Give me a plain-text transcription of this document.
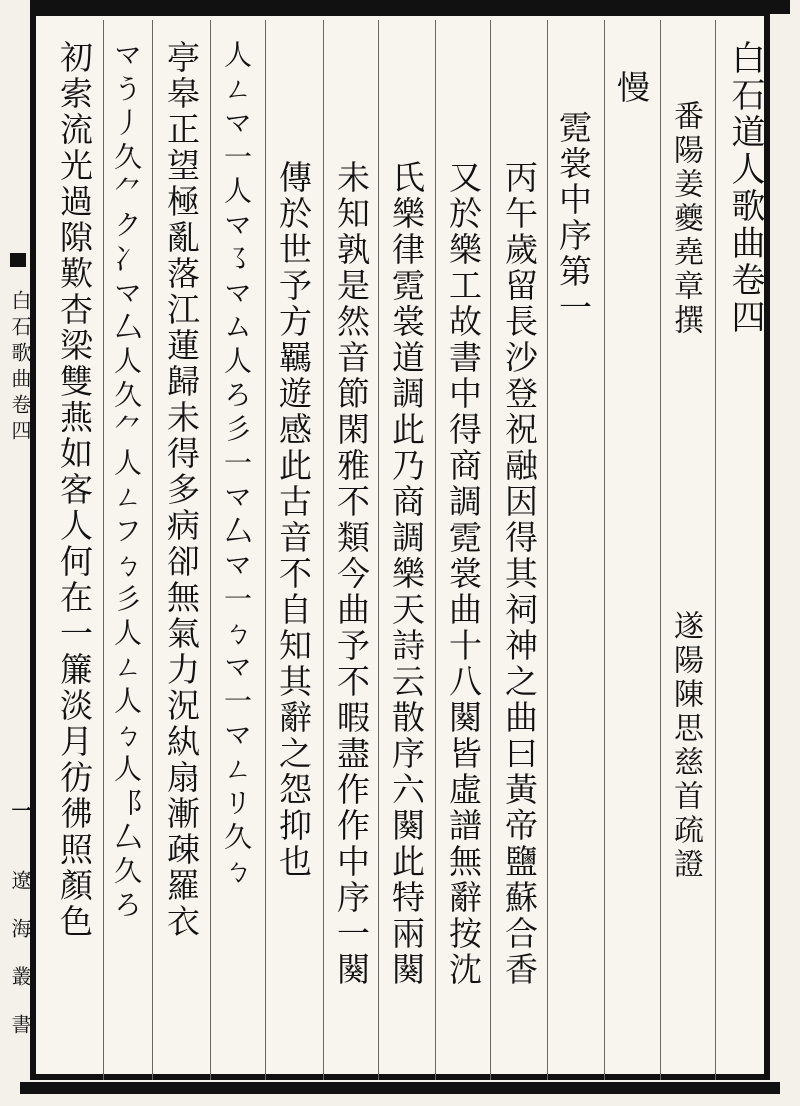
白石道人歌曲卷四
番陽姜夔堯章撰
遂陽陳思慈首疏證
慢
霓裳中序第一
丙午歲留長沙登祝融因得其祠神之曲曰黃帝鹽蘇合香
又於樂工故書中得商調霓裳曲十八闋皆虛譜無辭按沈
氏樂律霓裳道調此乃商調樂天詩云散序六闋此特兩闋
未知孰是然音節閑雅不類今曲予不暇盡作作中序一闋
傳於世予方羈遊感此古音不自知其辭之怨抑也
人ㄥマ一人マ㇌マム人ろ彡一マ厶マ一ㄅマ一マㄥリ久ㄅ
亭皋正望極亂落江蓮歸未得多病卻無氣力況紈扇漸疎羅衣
マう⼃久⺈ク冫マ厶人久⺈人ㄥフㄅ彡人ㄥ人ㄅ人⻏厶久ろ
初索流光過隙歎杏梁雙燕如客人何在一簾淡月彷彿照顏色
白石歌曲卷四
一
遼海叢書
